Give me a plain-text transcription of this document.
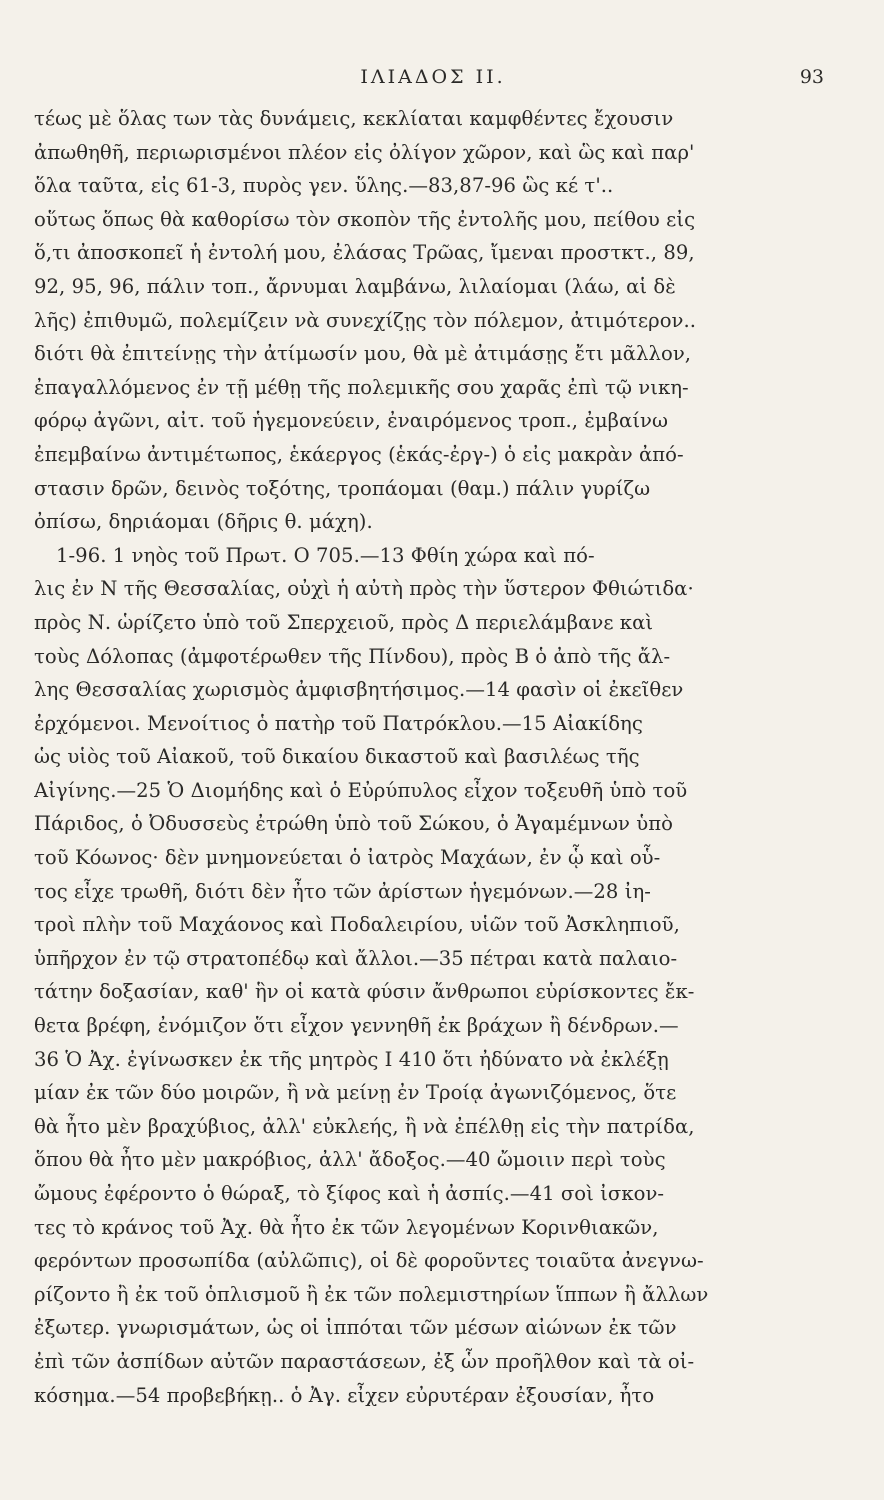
ΙΛΙΑΔΟΣ ΙΙ.	93
τέως μὲ ὅλας των τὰς δυνάμεις, κεκλίαται καμφθέντες ἔχουσιν
ἀπωθηθῆ, περιωρισμένοι πλέον εἰς ὀλίγον χῶρον, καὶ ὣς καὶ παρ'
ὅλα ταῦτα, εἰς 61-3, πυρὸς γεν. ὕλης.—83,87-96 ὣς κέ τ'..
οὕτως ὅπως θὰ καθορίσω τὸν σκοπὸν τῆς ἐντολῆς μου, πείθου εἰς
ὅ,τι ἀποσκοπεῖ ἡ ἐντολή μου, ἐλάσας Τρῶας, ἴμεναι προστκτ., 89,
92, 95, 96, πάλιν τοπ., ἄρνυμαι λαμβάνω, λιλαίομαι (λάω, αἱ δὲ
λῆς) ἐπιθυμῶ, πολεμίζειν νὰ συνεχίζῃς τὸν πόλεμον, ἀτιμότερον..
διότι θὰ ἐπιτείνῃς τὴν ἀτίμωσίν μου, θὰ μὲ ἀτιμάσῃς ἔτι μᾶλλον,
ἐπαγαλλόμενος ἐν τῇ μέθῃ τῆς πολεμικῆς σου χαρᾶς ἐπὶ τῷ νικη-
φόρῳ ἀγῶνι, αἰτ. τοῦ ἡγεμονεύειν, ἐναιρόμενος τροπ., ἐμβαίνω
ἐπεμβαίνω ἀντιμέτωπος, ἑκάεργος (ἑκάς-ἐργ-) ὁ εἰς μακρὰν ἀπό-
στασιν δρῶν, δεινὸς τοξότης, τρoπάομαι (θαμ.) πάλιν γυρίζω
ὀπίσω, δηριάομαι (δῆρις θ. μάχη).
1-96. 1 νηὸς τοῦ Πρωτ. Ο 705.—13 Φθίη χώρα καὶ πό-
λις ἐν Ν τῆς Θεσσαλίας, οὐχὶ ἡ αὐτὴ πρὸς τὴν ὕστερον Φθιώτιδα·
πρὸς Ν. ὡρίζετο ὑπὸ τοῦ Σπερχειοῦ, πρὸς Δ περιελάμβανε καὶ
τοὺς Δόλοπας (ἀμφοτέρωθεν τῆς Πίνδου), πρὸς Β ὁ ἀπὸ τῆς ἄλ-
λης Θεσσαλίας χωρισμὸς ἀμφισβητήσιμος.—14 φασὶν οἱ ἐκεῖθεν
ἐρχόμενοι. Μενοίτιος ὁ πατὴρ τοῦ Πατρόκλου.—15 Αἰακίδης
ὡς υἱὸς τοῦ Αἰακοῦ, τοῦ δικαίου δικαστοῦ καὶ βασιλέως τῆς
Αἰγίνης.—25 Ὁ Διομήδης καὶ ὁ Εὐρύπυλος εἶχον τοξευθῆ ὑπὸ τοῦ
Πάριδος, ὁ Ὀδυσσεὺς ἐτρώθη ὑπὸ τοῦ Σώκου, ὁ Ἀγαμέμνων ὑπὸ
τοῦ Κόωνος· δὲν μνημονεύεται ὁ ἰατρὸς Μαχάων, ἐν ᾧ καὶ οὗ-
τος εἶχε τρωθῆ, διότι δὲν ἦτο τῶν ἀρίστων ἡγεμόνων.—28 ἰη-
τροὶ πλὴν τοῦ Μαχάονος καὶ Ποδαλειρίου, υἱῶν τοῦ Ἀσκληπιοῦ,
ὑπῆρχον ἐν τῷ στρατοπέδῳ καὶ ἄλλοι.—35 πέτραι κατὰ παλαιο-
τάτην δοξασίαν, καθ' ἣν οἱ κατὰ φύσιν ἄνθρωποι εὑρίσκοντες ἔκ-
θετα βρέφη, ἐνόμιζον ὅτι εἶχον γεννηθῆ ἐκ βράχων ἢ δένδρων.—
36 Ὁ Ἀχ. ἐγίνωσκεν ἐκ τῆς μητρὸς Ι 410 ὅτι ἠδύνατο νὰ ἐκλέξῃ
μίαν ἐκ τῶν δύο μοιρῶν, ἢ νὰ μείνῃ ἐν Τροίᾳ ἀγωνιζόμενος, ὅτε
θὰ ἦτο μὲν βραχύβιος, ἀλλ' εὐκλεής, ἢ νὰ ἐπέλθῃ εἰς τὴν πατρίδα,
ὅπου θὰ ἦτο μὲν μακρόβιος, ἀλλ' ἄδοξος.—40 ὤμοιιν περὶ τοὺς
ὤμους ἐφέροντο ὁ θώραξ, τὸ ξίφος καὶ ἡ ἀσπίς.—41 σοὶ ἰσκον-
τες τὸ κράνος τοῦ Ἀχ. θὰ ἦτο ἐκ τῶν λεγομένων Κορινθιακῶν,
φερόντων προσωπίδα (αὐλῶπις), οἱ δὲ φοροῦντες τοιαῦτα ἀνεγνω-
ρίζοντο ἢ ἐκ τοῦ ὁπλισμοῦ ἢ ἐκ τῶν πολεμιστηρίων ἵππων ἢ ἄλλων
ἐξωτερ. γνωρισμάτων, ὡς οἱ ἱππόται τῶν μέσων αἰώνων ἐκ τῶν
ἐπὶ τῶν ἀσπίδων αὐτῶν παραστάσεων, ἐξ ὧν προῆλθον καὶ τὰ οἰ-
κόσημα.—54 προβεβήκῃ.. ὁ Ἀγ. εἶχεν εὐρυτέραν ἐξουσίαν, ἦτο
